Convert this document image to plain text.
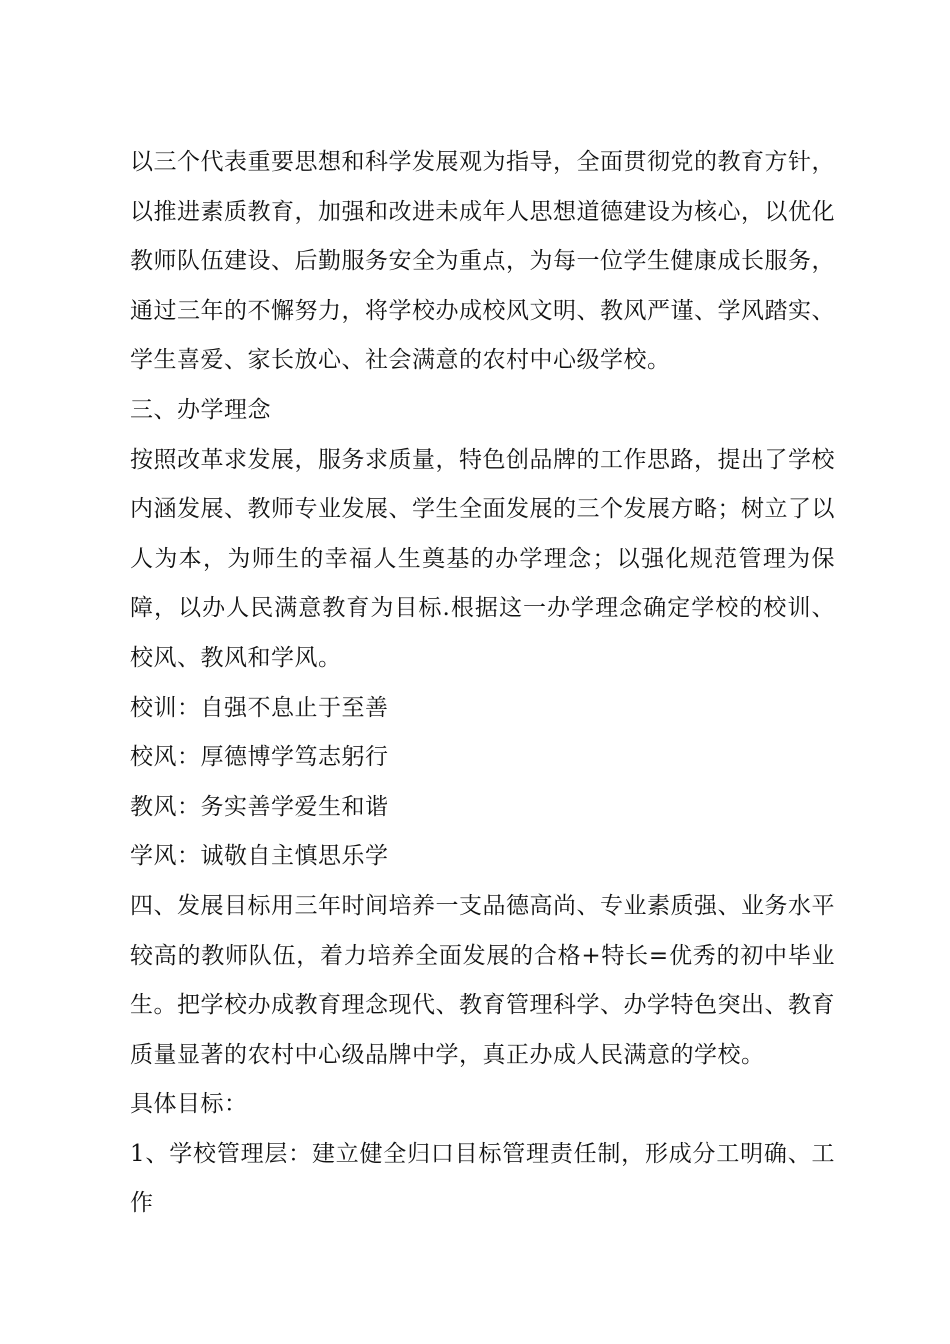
以三个代表重要思想和科学发展观为指导，全面贯彻党的教育方针，以推进素质教育，加强和改进未成年人思想道德建设为核心，以优化教师队伍建设、后勤服务安全为重点，为每一位学生健康成长服务，通过三年的不懈努力，将学校办成校风文明、教风严谨、学风踏实、学生喜爱、家长放心、社会满意的农村中心级学校。

三、办学理念

按照改革求发展，服务求质量，特色创品牌的工作思路，提出了学校内涵发展、教师专业发展、学生全面发展的三个发展方略；树立了以人为本，为师生的幸福人生奠基的办学理念；以强化规范管理为保障，以办人民满意教育为目标.根据这一办学理念确定学校的校训、校风、教风和学风。

校训：自强不息止于至善

校风：厚德博学笃志躬行

教风：务实善学爱生和谐

学风：诚敬自主慎思乐学

四、发展目标用三年时间培养一支品德高尚、专业素质强、业务水平较高的教师队伍，着力培养全面发展的合格+特长=优秀的初中毕业生。把学校办成教育理念现代、教育管理科学、办学特色突出、教育质量显著的农村中心级品牌中学，真正办成人民满意的学校。

具体目标：

1、学校管理层：建立健全归口目标管理责任制，形成分工明确、工作
